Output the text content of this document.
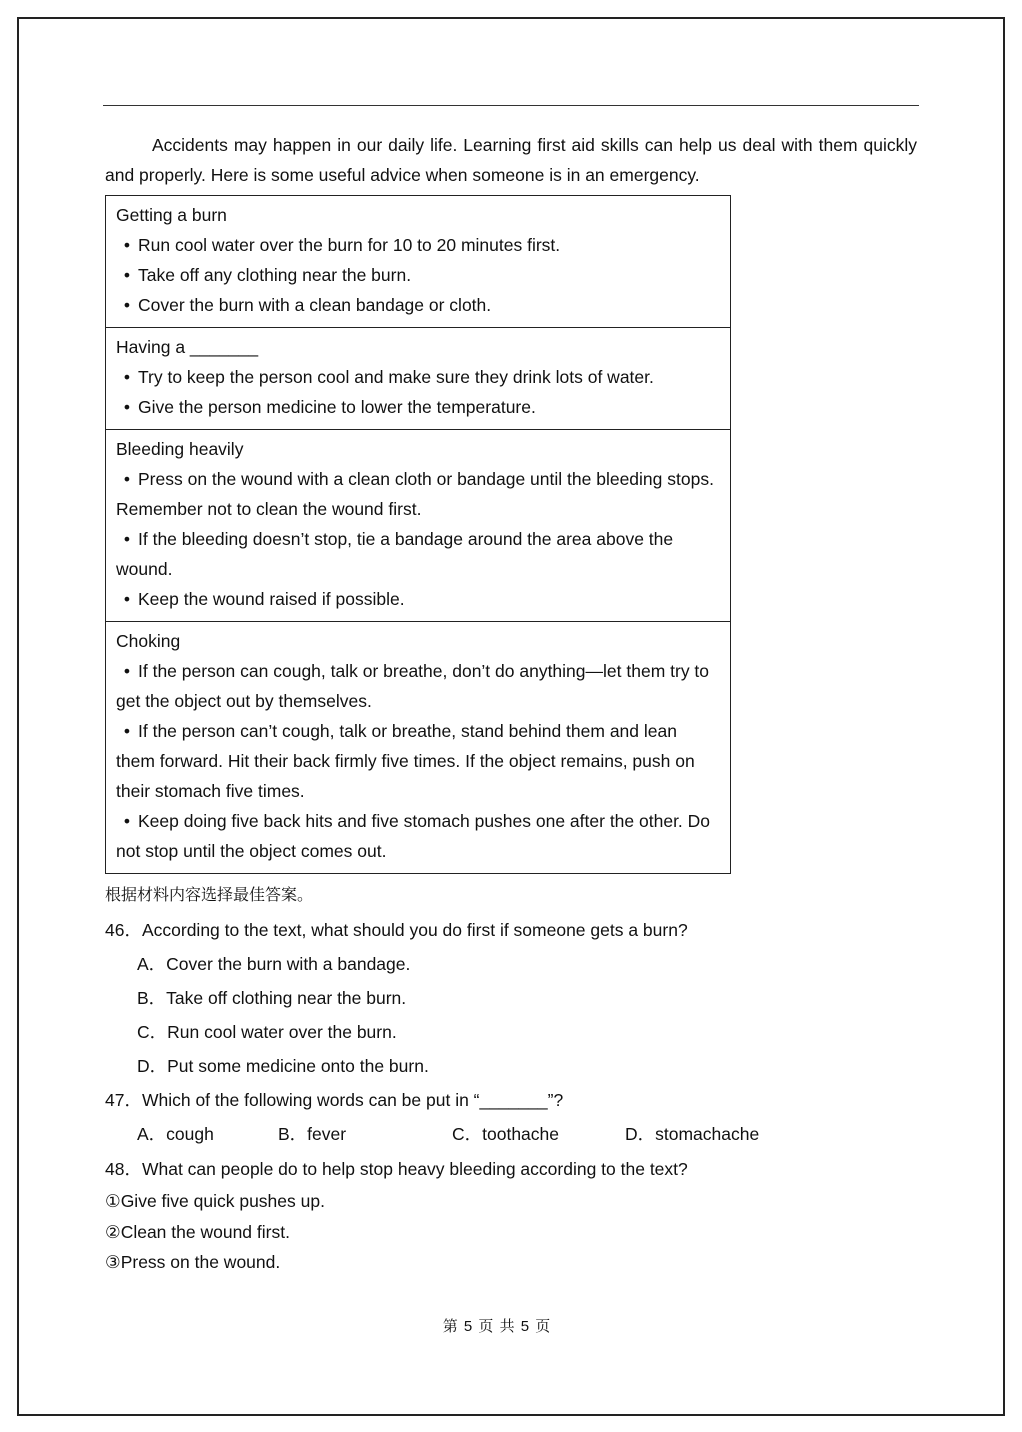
Accidents may happen in our daily life. Learning first aid skills can help us deal with them quickly and properly. Here is some useful advice when someone is in an emergency.
Getting a burn
• Run cool water over the burn for 10 to 20 minutes first.
• Take off any clothing near the burn.
• Cover the burn with a clean bandage or cloth.
Having a _______
• Try to keep the person cool and make sure they drink lots of water.
• Give the person medicine to lower the temperature.
Bleeding heavily
• Press on the wound with a clean cloth or bandage until the bleeding stops. Remember not to clean the wound first.
• If the bleeding doesn’t stop, tie a bandage around the area above the wound.
• Keep the wound raised if possible.
Choking
• If the person can cough, talk or breathe, don’t do anything—let them try to get the object out by themselves.
• If the person can’t cough, talk or breathe, stand behind them and lean them forward. Hit their back firmly five times. If the object remains, push on their stomach five times.
• Keep doing five back hits and five stomach pushes one after the other. Do not stop until the object comes out.
根据材料内容选择最佳答案。
46．According to the text, what should you do first if someone gets a burn?
A．Cover the burn with a bandage.
B．Take off clothing near the burn.
C．Run cool water over the burn.
D．Put some medicine onto the burn.
47．Which of the following words can be put in “_______”?
A．cough	B．fever	C．toothache	D．stomachache
48．What can people do to help stop heavy bleeding according to the text?
①Give five quick pushes up.
②Clean the wound first.
③Press on the wound.
第 5 页 共 5 页
